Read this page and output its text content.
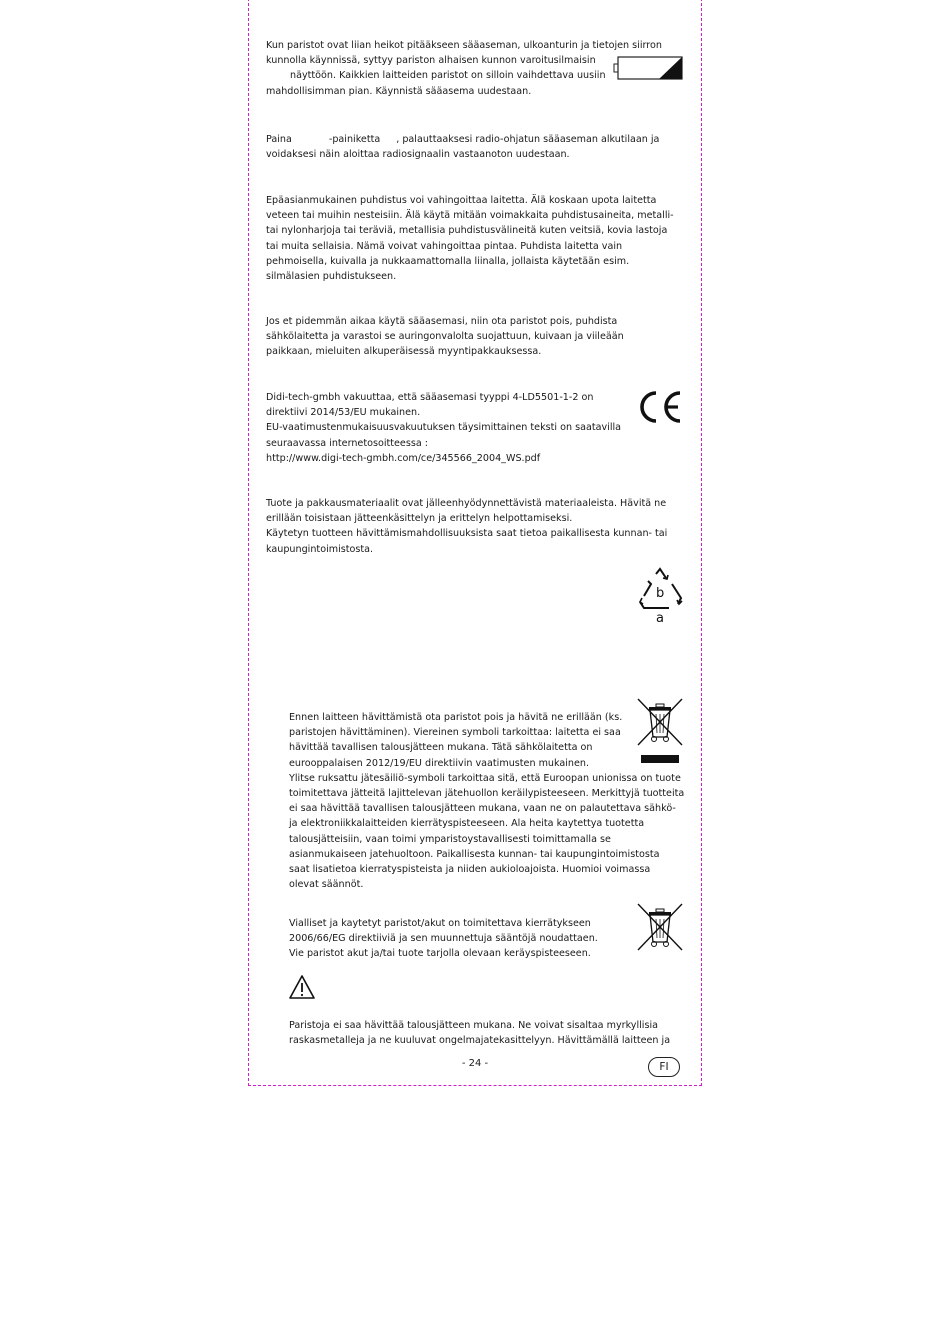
Kun paristot ovat liian heikot pitääkseen sääaseman, ulkoanturin ja tietojen siirron
kunnolla käynnissä, syttyy pariston alhaisen kunnon varoitusilmaisin
näyttöön. Kaikkien laitteiden paristot on silloin vaihdettava uusiin
mahdollisimman pian. Käynnistä sääasema uudestaan.
Paina	-painiketta , palauttaaksesi radio-ohjatun sääaseman alkutilaan ja
voidaksesi näin aloittaa radiosignaalin vastaanoton uudestaan.
Epäasianmukainen puhdistus voi vahingoittaa laitetta. Älä koskaan upota laitetta
veteen tai muihin nesteisiin. Älä käytä mitään voimakkaita puhdistusaineita, metalli-
tai nylonharjoja tai teräviä, metallisia puhdistusvälineitä kuten veitsiä, kovia lastoja
tai muita sellaisia. Nämä voivat vahingoittaa pintaa. Puhdista laitetta vain
pehmoisella, kuivalla ja nukkaamattomalla liinalla, jollaista käytetään esim.
silmälasien puhdistukseen.
Jos et pidemmän aikaa käytä sääasemasi, niin ota paristot pois, puhdista
sähkölaitetta ja varastoi se auringonvalolta suojattuun, kuivaan ja viileään
paikkaan, mieluiten alkuperäisessä myyntipakkauksessa.
Didi-tech-gmbh vakuuttaa, että sääasemasi tyyppi 4-LD5501-1-2 on
direktiivi 2014/53/EU mukainen.
EU-vaatimustenmukaisuusvakuutuksen täysimittainen teksti on saatavilla
seuraavassa internetosoitteessa :
http://www.digi-tech-gmbh.com/ce/345566_2004_WS.pdf
Tuote ja pakkausmateriaalit ovat jälleenhyödynnettävistä materiaaleista. Hävitä ne
erillään toisistaan jätteenkäsittelyn ja erittelyn helpottamiseksi.
Käytetyn tuotteen hävittämismahdollisuuksista saat tietoa paikallisesta kunnan- tai
kaupungintoimistosta.
b
a
Ennen laitteen hävittämistä ota paristot pois ja hävitä ne erillään (ks.
paristojen hävittäminen). Viereinen symboli tarkoittaa: laitetta ei saa
hävittää tavallisen talousjätteen mukana. Tätä sähkölaitetta on
eurooppalaisen 2012/19/EU direktiivin vaatimusten mukainen.
Ylitse ruksattu jätesäiliö-symboli tarkoittaa sitä, että Euroopan unionissa on tuote
toimitettava jätteitä lajittelevan jätehuollon keräilypisteeseen. Merkittyjä tuotteita
ei saa hävittää tavallisen talousjätteen mukana, vaan ne on palautettava sähkö-
ja elektroniikkalaitteiden kierrätyspisteeseen. Ala heita kaytettya tuotetta
talousjätteisiin, vaan toimi ymparistoystavallisesti toimittamalla se
asianmukaiseen jatehuoltoon. Paikallisesta kunnan- tai kaupungintoimistosta
saat lisatietoa kierratyspisteista ja niiden aukioloajoista. Huomioi voimassa
olevat säännöt.
Vialliset ja kaytetyt paristot/akut on toimitettava kierrätykseen
2006/66/EG direktiiviä ja sen muunnettuja sääntöjä noudattaen.
Vie paristot akut ja/tai tuote tarjolla olevaan keräyspisteeseen.
Paristoja ei saa hävittää talousjätteen mukana. Ne voivat sisaltaa myrkyllisia
raskasmetalleja ja ne kuuluvat ongelmajatekasittelyyn. Hävittämällä laitteen ja
- 24 -	FI
